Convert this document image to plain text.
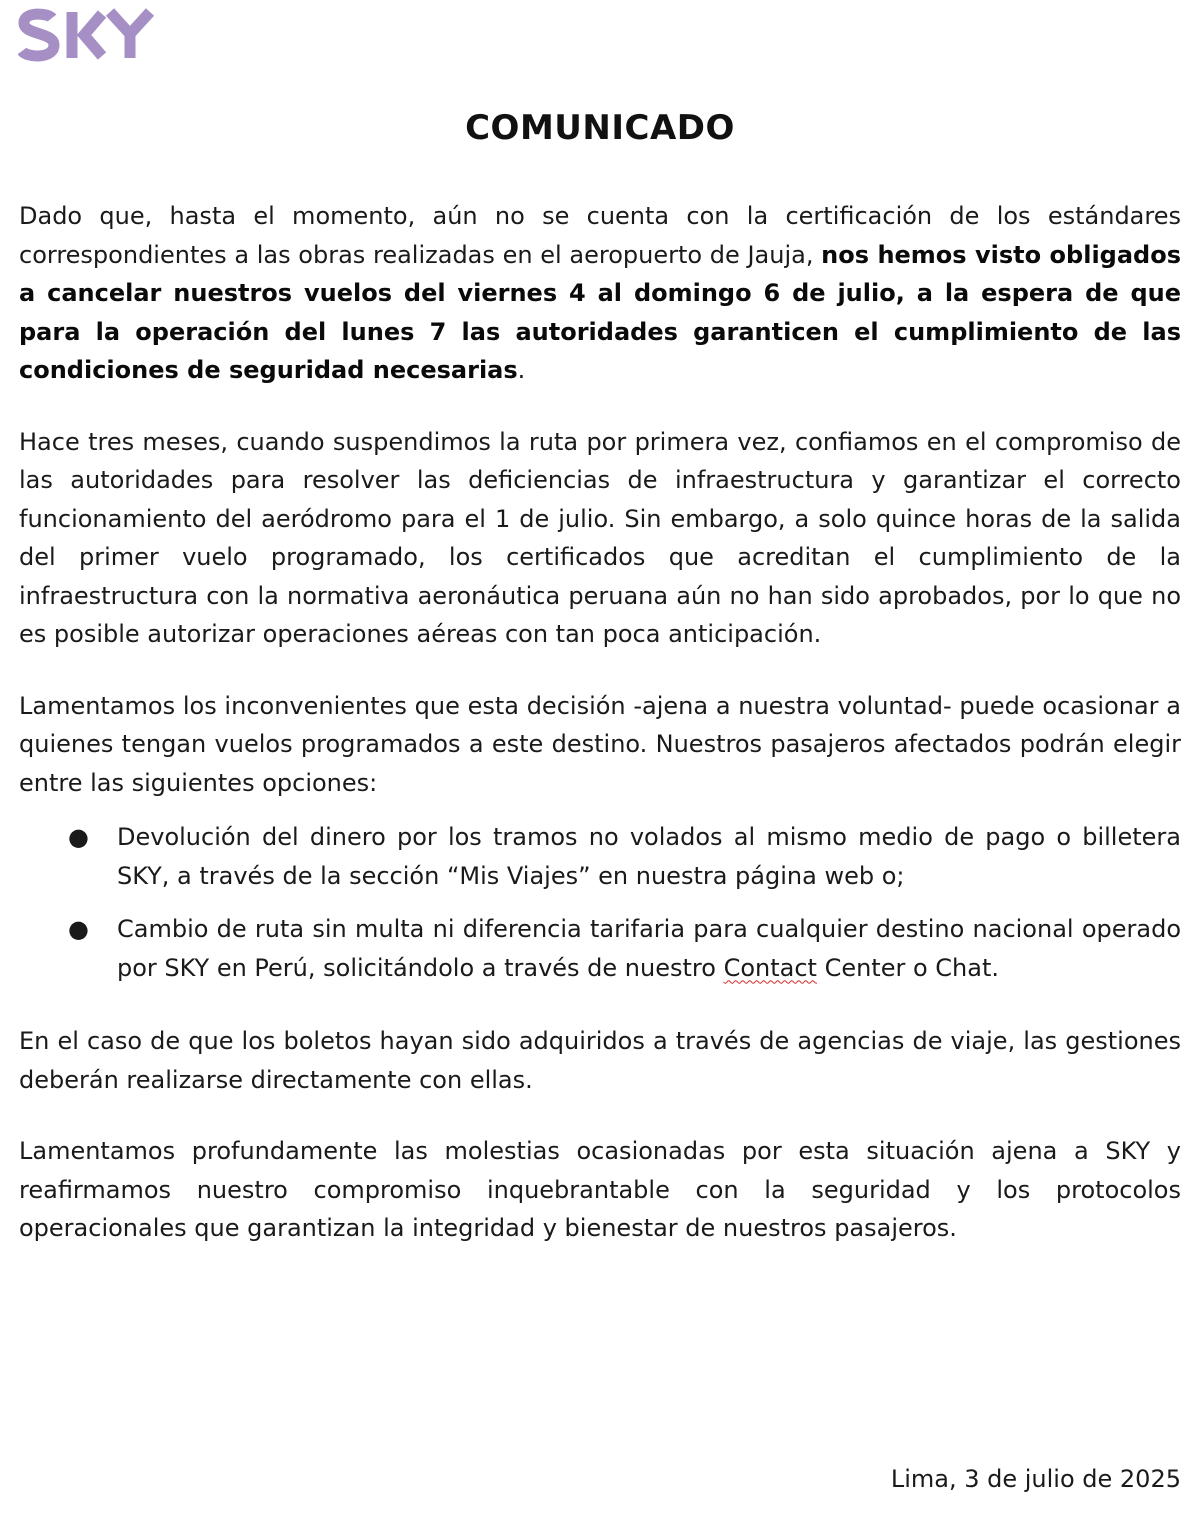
COMUNICADO

Dado que, hasta el momento, aún no se cuenta con la certificación de los estándares correspondientes a las obras realizadas en el aeropuerto de Jauja, nos hemos visto obligados a cancelar nuestros vuelos del viernes 4 al domingo 6 de julio, a la espera de que para la operación del lunes 7 las autoridades garanticen el cumplimiento de las condiciones de seguridad necesarias.

Hace tres meses, cuando suspendimos la ruta por primera vez, confiamos en el compromiso de las autoridades para resolver las deficiencias de infraestructura y garantizar el correcto funcionamiento del aeródromo para el 1 de julio. Sin embargo, a solo quince horas de la salida del primer vuelo programado, los certificados que acreditan el cumplimiento de la infraestructura con la normativa aeronáutica peruana aún no han sido aprobados, por lo que no es posible autorizar operaciones aéreas con tan poca anticipación.

Lamentamos los inconvenientes que esta decisión -ajena a nuestra voluntad- puede ocasionar a quienes tengan vuelos programados a este destino. Nuestros pasajeros afectados podrán elegir entre las siguientes opciones:

● Devolución del dinero por los tramos no volados al mismo medio de pago o billetera SKY, a través de la sección “Mis Viajes” en nuestra página web o;
● Cambio de ruta sin multa ni diferencia tarifaria para cualquier destino nacional operado por SKY en Perú, solicitándolo a través de nuestro Contact Center o Chat.

En el caso de que los boletos hayan sido adquiridos a través de agencias de viaje, las gestiones deberán realizarse directamente con ellas.

Lamentamos profundamente las molestias ocasionadas por esta situación ajena a SKY y reafirmamos nuestro compromiso inquebrantable con la seguridad y los protocolos operacionales que garantizan la integridad y bienestar de nuestros pasajeros.

Lima, 3 de julio de 2025
